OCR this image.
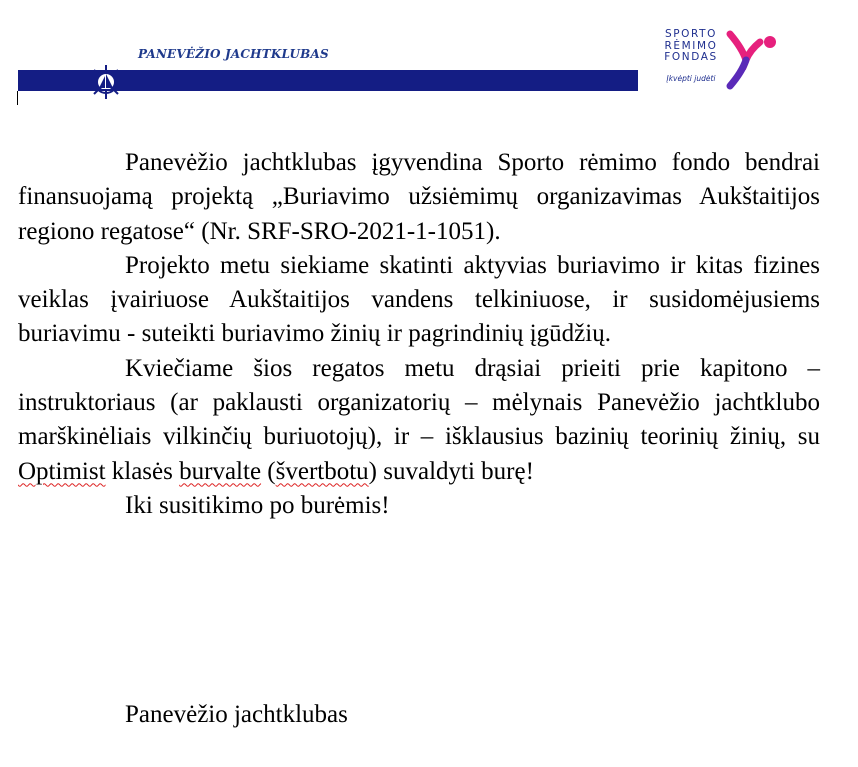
PANEVĖŽIO JACHTKLUBAS
SPORTO
RĖMIMO
FONDAS
Įkvėpti judėti

Panevėžio jachtklubas įgyvendina Sporto rėmimo fondo bendrai finansuojamą projektą „Buriavimo užsiėmimų organizavimas Aukštaitijos regiono regatose“ (Nr. SRF-SRO-2021-1-1051).

Projekto metu siekiame skatinti aktyvias buriavimo ir kitas fizines veiklas įvairiuose Aukštaitijos vandens telkiniuose, ir susidomėjusiems buriavimu - suteikti buriavimo žinių ir pagrindinių įgūdžių.

Kviečiame šios regatos metu drąsiai prieiti prie kapitono – instruktoriaus (ar paklausti organizatorių – mėlynais Panevėžio jachtklubo marškinėliais vilkinčių buriuotojų), ir – išklausius bazinių teorinių žinių, su Optimist klasės burvalte (švertbotu) suvaldyti burę!

Iki susitikimo po burėmis!

Panevėžio jachtklubas
